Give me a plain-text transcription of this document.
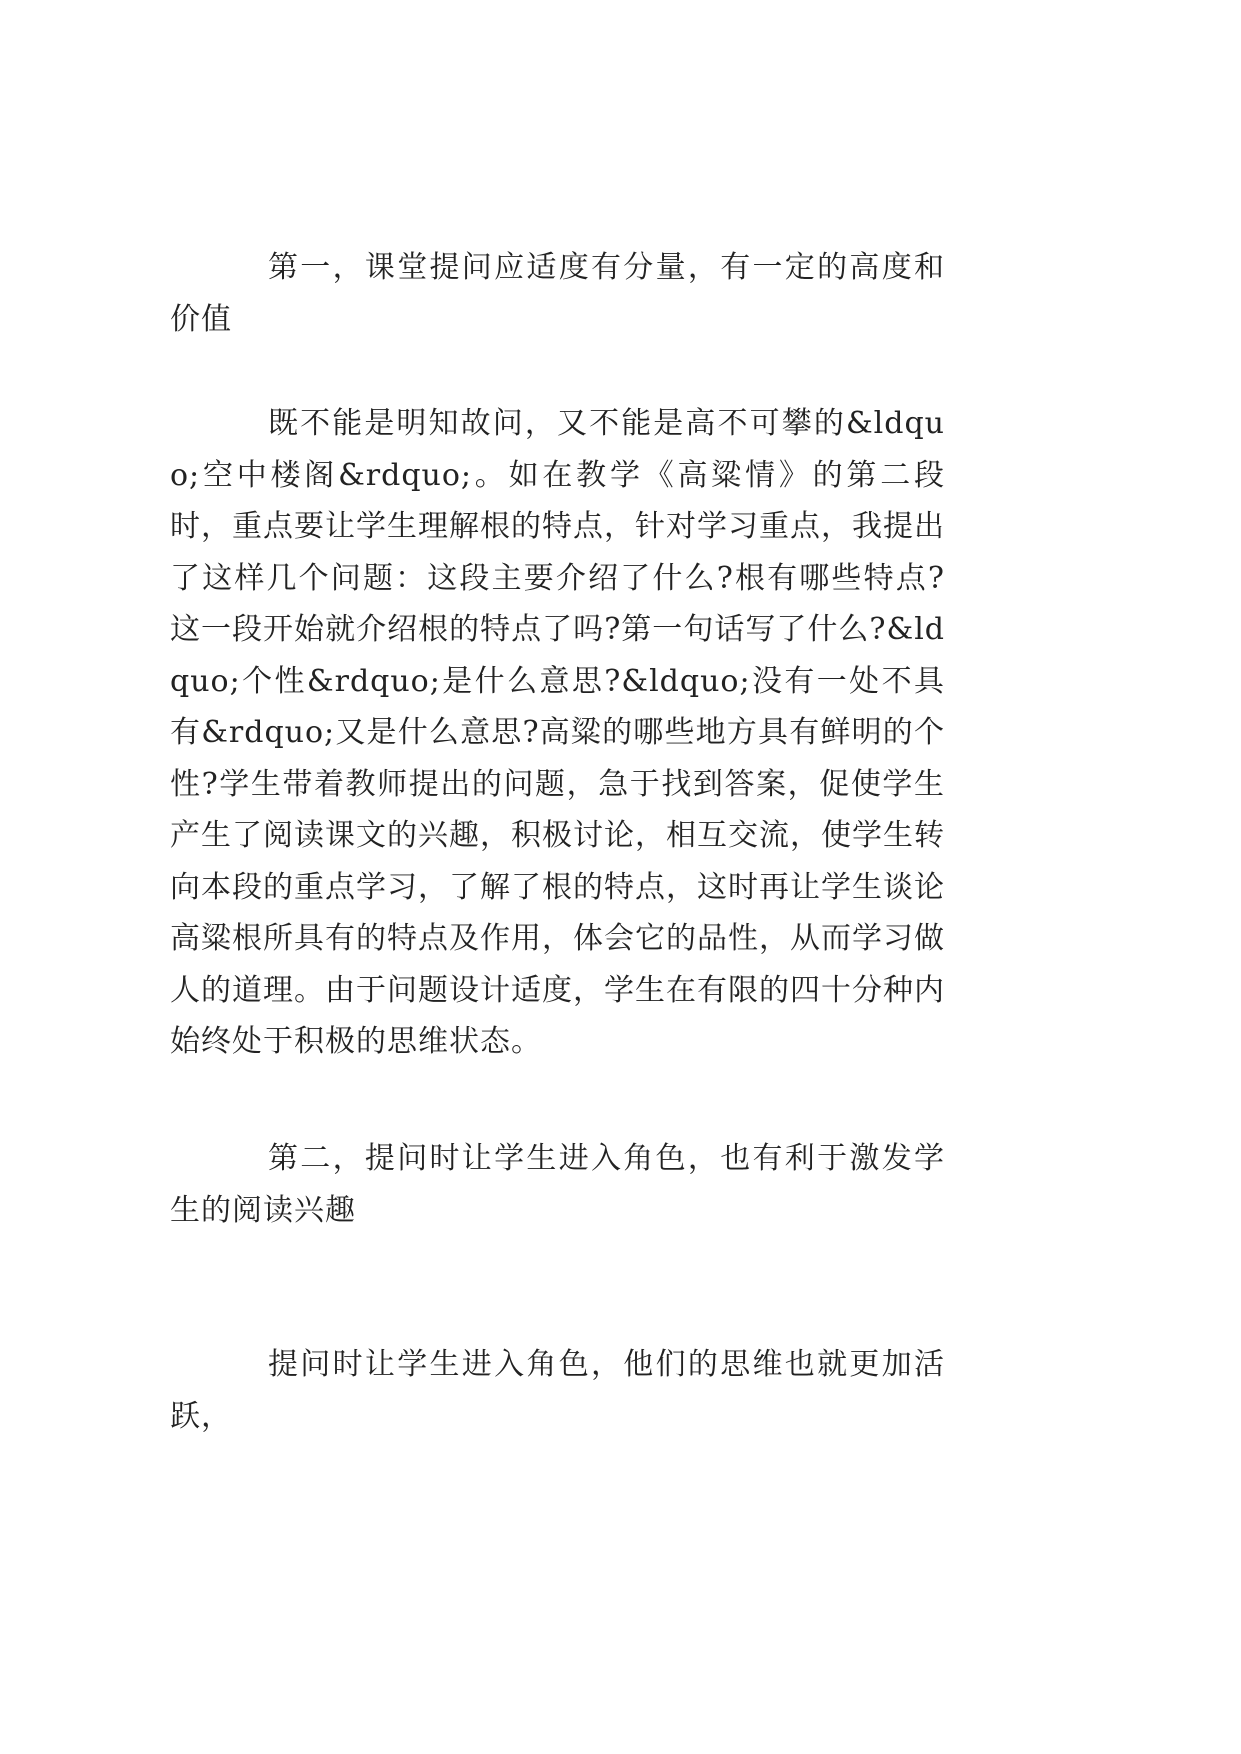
第一，课堂提问应适度有分量，有一定的高度和价值

既不能是明知故问，又不能是高不可攀的&ldquo;空中楼阁&rdquo;。如在教学《高粱情》的第二段时，重点要让学生理解根的特点，针对学习重点，我提出了这样几个问题：这段主要介绍了什么?根有哪些特点?这一段开始就介绍根的特点了吗?第一句话写了什么?&ldquo;个性&rdquo;是什么意思?&ldquo;没有一处不具有&rdquo;又是什么意思?高粱的哪些地方具有鲜明的个性?学生带着教师提出的问题，急于找到答案，促使学生产生了阅读课文的兴趣，积极讨论，相互交流，使学生转向本段的重点学习，了解了根的特点，这时再让学生谈论高粱根所具有的特点及作用，体会它的品性，从而学习做人的道理。由于问题设计适度，学生在有限的四十分种内始终处于积极的思维状态。

第二，提问时让学生进入角色，也有利于激发学生的阅读兴趣

提问时让学生进入角色，他们的思维也就更加活跃，
